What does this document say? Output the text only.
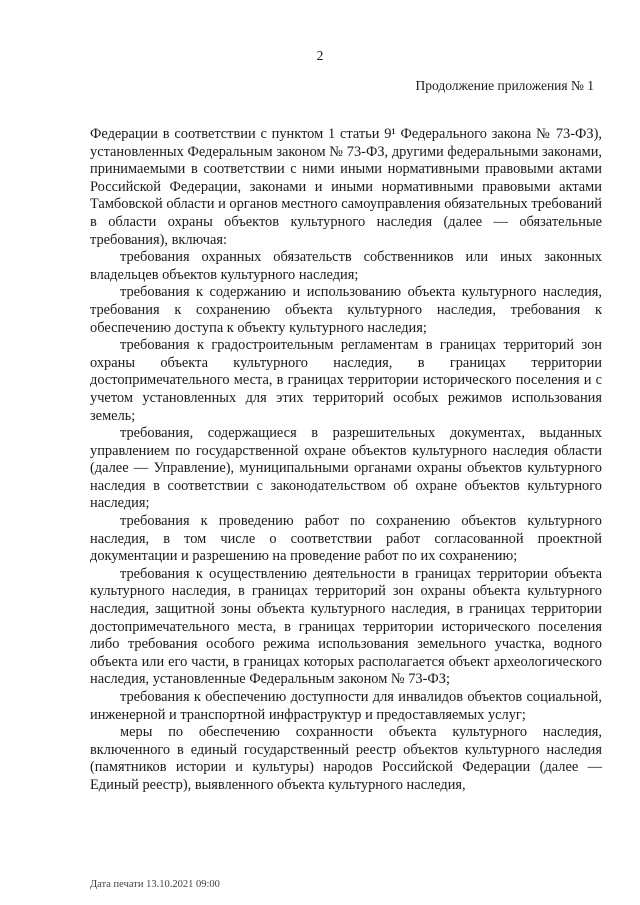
2
Продолжение приложения № 1

Федерации в соответствии с пунктом 1 статьи 9¹ Федерального закона № 73-ФЗ), установленных Федеральным законом № 73-ФЗ, другими федеральными законами, принимаемыми в соответствии с ними иными нормативными правовыми актами Российской Федерации, законами и иными нормативными правовыми актами Тамбовской области и органов местного самоуправления обязательных требований в области охраны объектов культурного наследия (далее — обязательные требования), включая:

требования охранных обязательств собственников или иных законных владельцев объектов культурного наследия;

требования к содержанию и использованию объекта культурного наследия, требования к сохранению объекта культурного наследия, требования к обеспечению доступа к объекту культурного наследия;

требования к градостроительным регламентам в границах территорий зон охраны объекта культурного наследия, в границах территории достопримечательного места, в границах территории исторического поселения и с учетом установленных для этих территорий особых режимов использования земель;

требования, содержащиеся в разрешительных документах, выданных управлением по государственной охране объектов культурного наследия области (далее — Управление), муниципальными органами охраны объектов культурного наследия в соответствии с законодательством об охране объектов культурного наследия;

требования к проведению работ по сохранению объектов культурного наследия, в том числе о соответствии работ согласованной проектной документации и разрешению на проведение работ по их сохранению;

требования к осуществлению деятельности в границах территории объекта культурного наследия, в границах территорий зон охраны объекта культурного наследия, защитной зоны объекта культурного наследия, в границах территории достопримечательного места, в границах территории исторического поселения либо требования особого режима использования земельного участка, водного объекта или его части, в границах которых располагается объект археологического наследия, установленные Федеральным законом № 73-ФЗ;

требования к обеспечению доступности для инвалидов объектов социальной, инженерной и транспортной инфраструктур и предоставляемых услуг;

меры по обеспечению сохранности объекта культурного наследия, включенного в единый государственный реестр объектов культурного наследия (памятников истории и культуры) народов Российской Федерации (далее — Единый реестр), выявленного объекта культурного наследия,

Дата печати 13.10.2021 09:00
